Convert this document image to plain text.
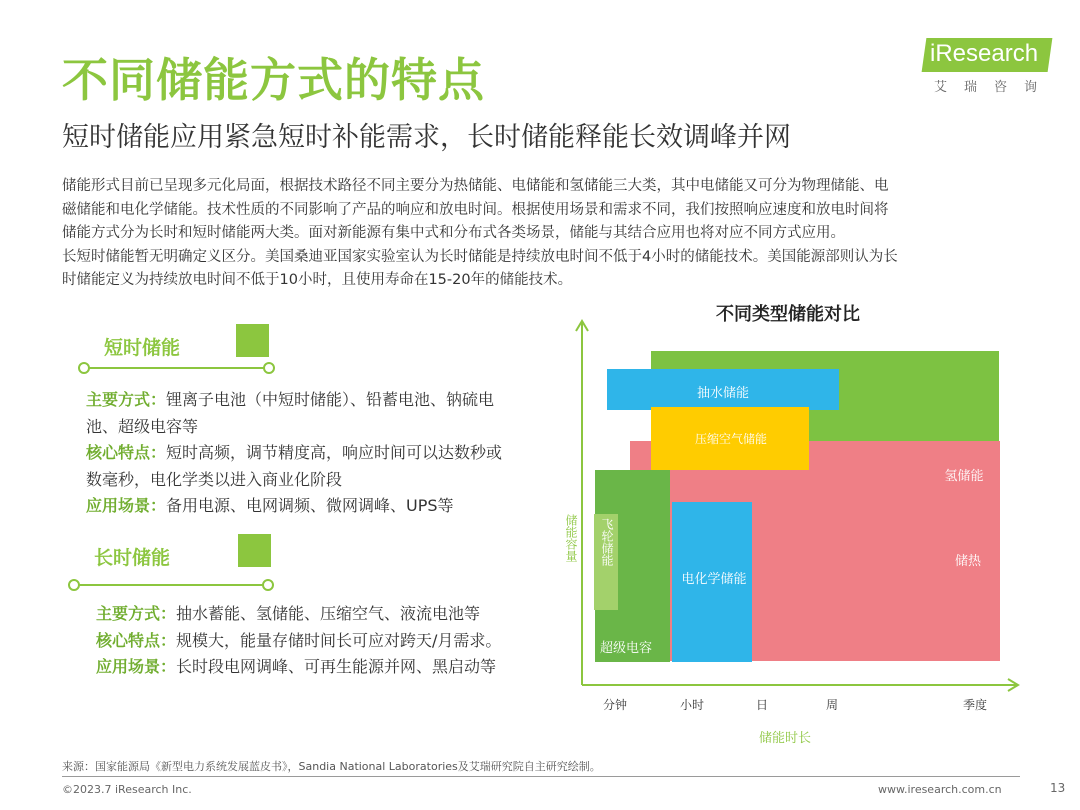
不同储能方式的特点
短时储能应用紧急短时补能需求，长时储能释能长效调峰并网
iResearch
艾瑞咨询

储能形式目前已呈现多元化局面，根据技术路径不同主要分为热储能、电储能和氢储能三大类，其中电储能又可分为物理储能、电

磁储能和电化学储能。技术性质的不同影响了产品的响应和放电时间。根据使用场景和需求不同，我们按照响应速度和放电时间将

储能方式分为长时和短时储能两大类。面对新能源有集中式和分布式各类场景，储能与其结合应用也将对应不同方式应用。

长短时储能暂无明确定义区分。美国桑迪亚国家实验室认为长时储能是持续放电时间不低于4小时的储能技术。美国能源部则认为长

时储能定义为持续放电时间不低于10小时，且使用寿命在15-20年的储能技术。

短时储能
主要方式：锂离子电池（中短时储能）、铅蓄电池、钠硫电
池、超级电容等
核心特点：短时高频，调节精度高，响应时间可以达数秒或
数毫秒，电化学类以进入商业化阶段
应用场景：备用电源、电网调频、微网调峰、UPS等
长时储能
主要方式：抽水蓄能、氢储能、压缩空气、液流电池等
核心特点：规模大，能量存储时间长可应对跨天/月需求。
应用场景：长时段电网调峰、可再生能源并网、黑启动等
不同类型储能对比
氢储能
储热
抽水储能
压缩空气储能
电化学储能
超级电容
飞轮储能
储能容量
储能时长
分钟	小时	日	周	季度
来源：国家能源局《新型电力系统发展蓝皮书》，Sandia National Laboratories及艾瑞研究院自主研究绘制。
©2023.7 iResearch Inc.	www.iresearch.com.cn	13
